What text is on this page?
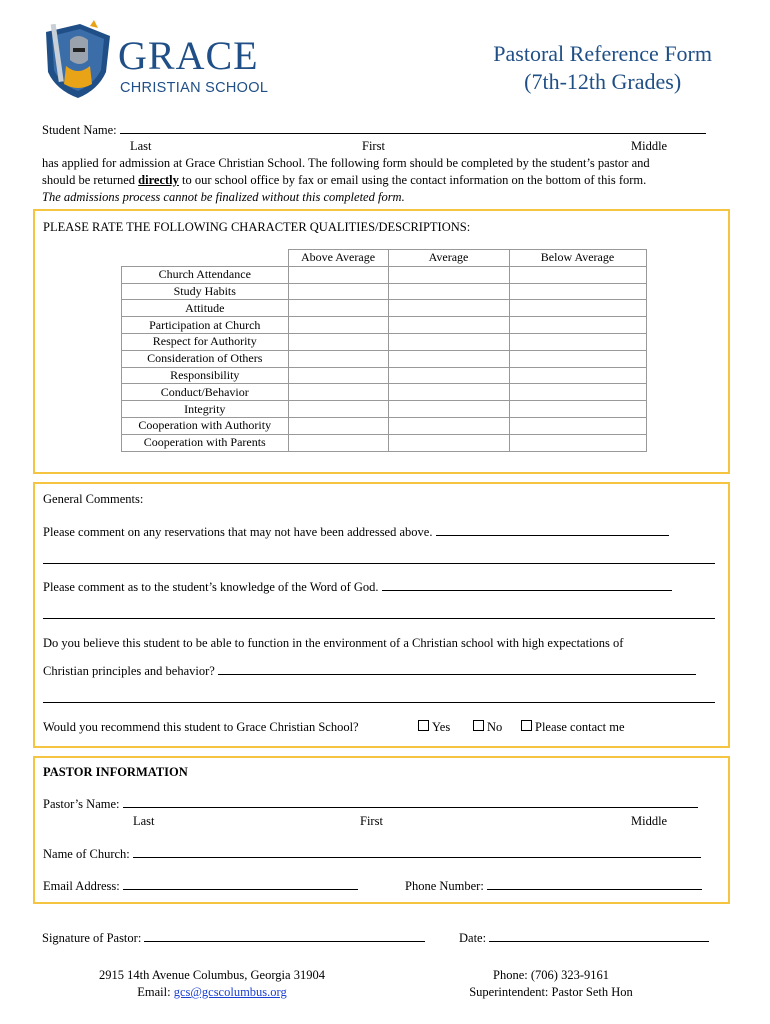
GRACE
CHRISTIAN SCHOOL
Pastoral Reference Form
(7th-12th Grades)
Student Name:
Last	First	Middle
has applied for admission at Grace Christian School. The following form should be completed by the student’s pastor and
should be returned directly to our school office by fax or email using the contact information on the bottom of this form.
The admissions process cannot be finalized without this completed form.
PLEASE RATE THE FOLLOWING CHARACTER QUALITIES/DESCRIPTIONS:
	Above Average	Average	Below Average
Church Attendance			
Study Habits			
Attitude			
Participation at Church			
Respect for Authority			
Consideration of Others			
Responsibility			
Conduct/Behavior			
Integrity			
Cooperation with Authority			
Cooperation with Parents			
General Comments:
Please comment on any reservations that may not have been addressed above.
Please comment as to the student’s knowledge of the Word of God.
Do you believe this student to be able to function in the environment of a Christian school with high expectations of
Christian principles and behavior?
Would you recommend this student to Grace Christian School?	Yes	No	Please contact me
PASTOR INFORMATION
Pastor’s Name:
Last	First	Middle
Name of Church:
Email Address:	Phone Number:
Signature of Pastor:	Date:
2915 14th Avenue Columbus, Georgia 31904
Email: gcs@gcscolumbus.org
Phone: (706) 323-9161
Superintendent: Pastor Seth Hon
